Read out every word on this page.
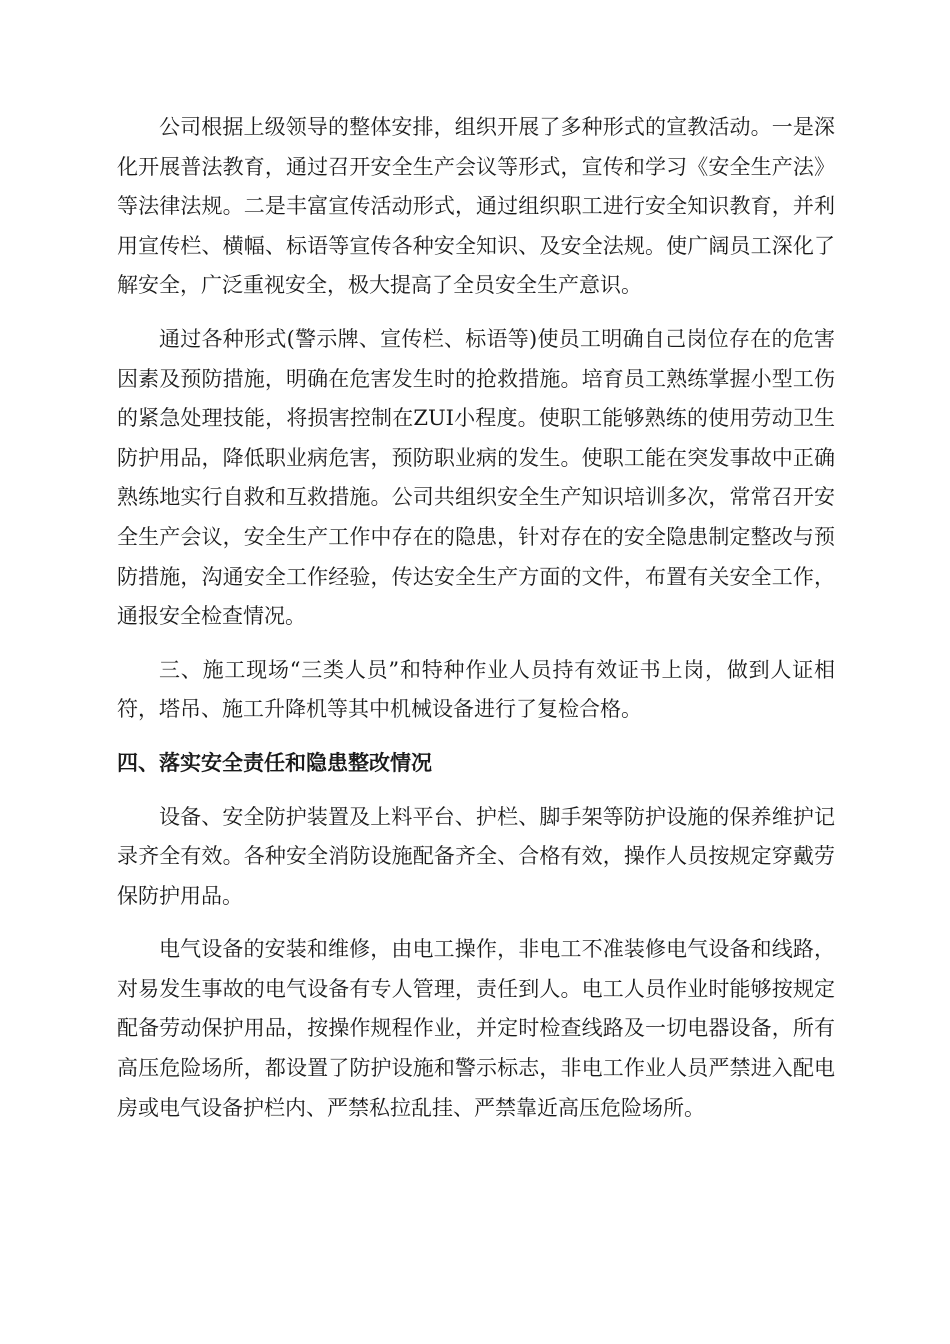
公司根据上级领导的整体安排，组织开展了多种形式的宣教活动。一是深化开展普法教育，通过召开安全生产会议等形式，宣传和学习《安全生产法》等法律法规。二是丰富宣传活动形式，通过组织职工进行安全知识教育，并利用宣传栏、横幅、标语等宣传各种安全知识、及安全法规。使广阔员工深化了解安全，广泛重视安全，极大提高了全员安全生产意识。

通过各种形式(警示牌、宣传栏、标语等)使员工明确自己岗位存在的危害因素及预防措施，明确在危害发生时的抢救措施。培育员工熟练掌握小型工伤的紧急处理技能，将损害控制在ZUI小程度。使职工能够熟练的使用劳动卫生防护用品，降低职业病危害，预防职业病的发生。使职工能在突发事故中正确熟练地实行自救和互救措施。公司共组织安全生产知识培训多次，常常召开安全生产会议，安全生产工作中存在的隐患，针对存在的安全隐患制定整改与预防措施，沟通安全工作经验，传达安全生产方面的文件，布置有关安全工作，通报安全检查情况。

三、施工现场“三类人员”和特种作业人员持有效证书上岗，做到人证相符，塔吊、施工升降机等其中机械设备进行了复检合格。

四、落实安全责任和隐患整改情况

设备、安全防护装置及上料平台、护栏、脚手架等防护设施的保养维护记录齐全有效。各种安全消防设施配备齐全、合格有效，操作人员按规定穿戴劳保防护用品。

电气设备的安装和维修，由电工操作，非电工不准装修电气设备和线路，对易发生事故的电气设备有专人管理，责任到人。电工人员作业时能够按规定配备劳动保护用品，按操作规程作业，并定时检查线路及一切电器设备，所有高压危险场所，都设置了防护设施和警示标志，非电工作业人员严禁进入配电房或电气设备护栏内、严禁私拉乱挂、严禁靠近高压危险场所。
